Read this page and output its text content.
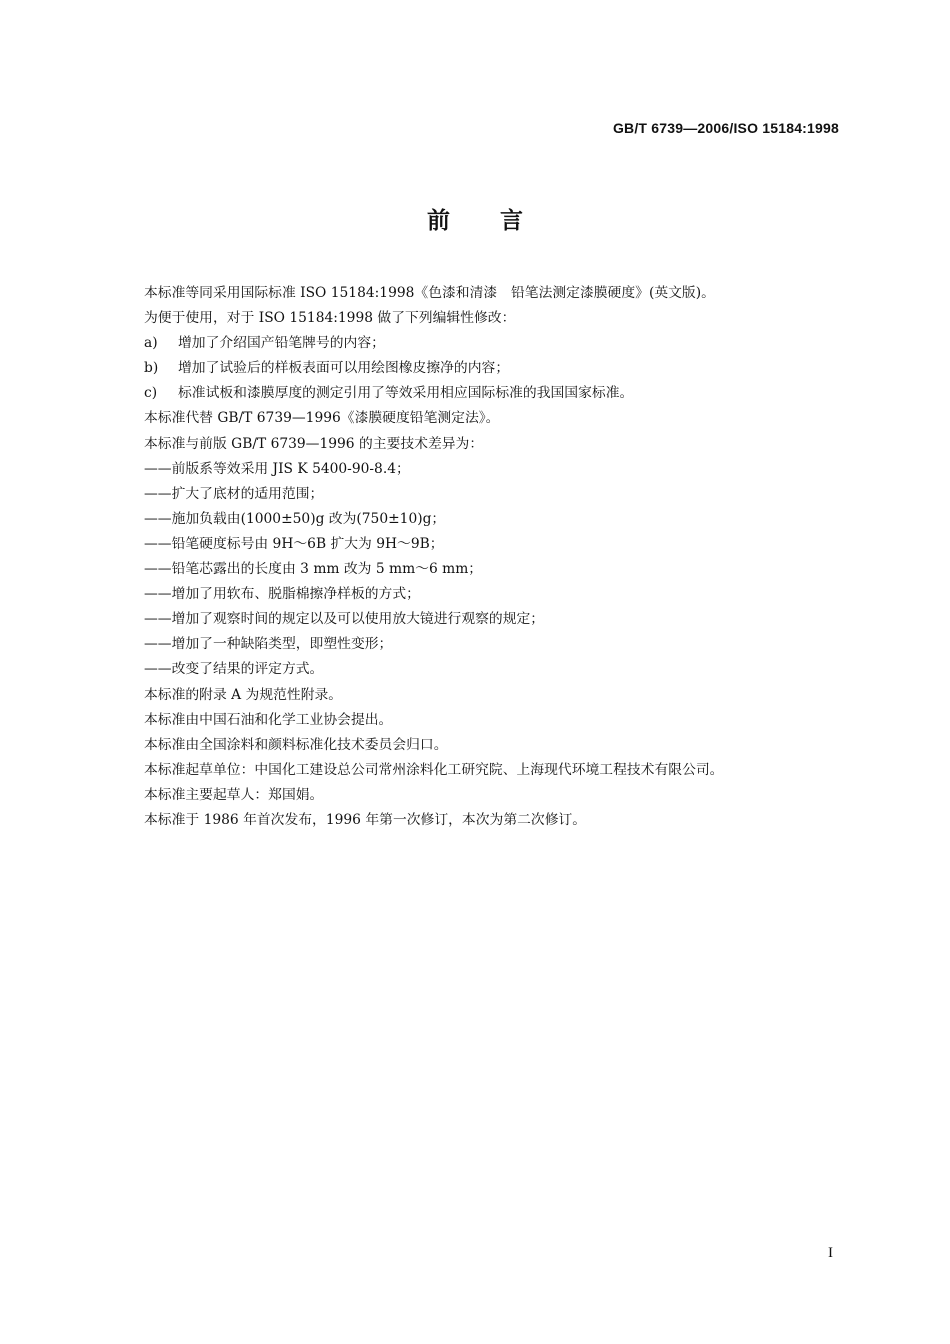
GB/T 6739—2006/ISO 15184:1998
前言
本标准等同采用国际标准 ISO 15184:1998《色漆和清漆　铅笔法测定漆膜硬度》(英文版)。
为便于使用，对于 ISO 15184:1998 做了下列编辑性修改：
a) 增加了介绍国产铅笔牌号的内容；
b) 增加了试验后的样板表面可以用绘图橡皮擦净的内容；
c) 标准试板和漆膜厚度的测定引用了等效采用相应国际标准的我国国家标准。
本标准代替 GB/T 6739—1996《漆膜硬度铅笔测定法》。
本标准与前版 GB/T 6739—1996 的主要技术差异为：
——前版系等效采用 JIS K 5400-90-8.4；
——扩大了底材的适用范围；
——施加负载由(1000±50)g 改为(750±10)g；
——铅笔硬度标号由 9H～6B 扩大为 9H～9B；
——铅笔芯露出的长度由 3 mm 改为 5 mm～6 mm；
——增加了用软布、脱脂棉擦净样板的方式；
——增加了观察时间的规定以及可以使用放大镜进行观察的规定；
——增加了一种缺陷类型，即塑性变形；
——改变了结果的评定方式。
本标准的附录 A 为规范性附录。
本标准由中国石油和化学工业协会提出。
本标准由全国涂料和颜料标准化技术委员会归口。
本标准起草单位：中国化工建设总公司常州涂料化工研究院、上海现代环境工程技术有限公司。
本标准主要起草人：郑国娟。
本标准于 1986 年首次发布，1996 年第一次修订，本次为第二次修订。
I
